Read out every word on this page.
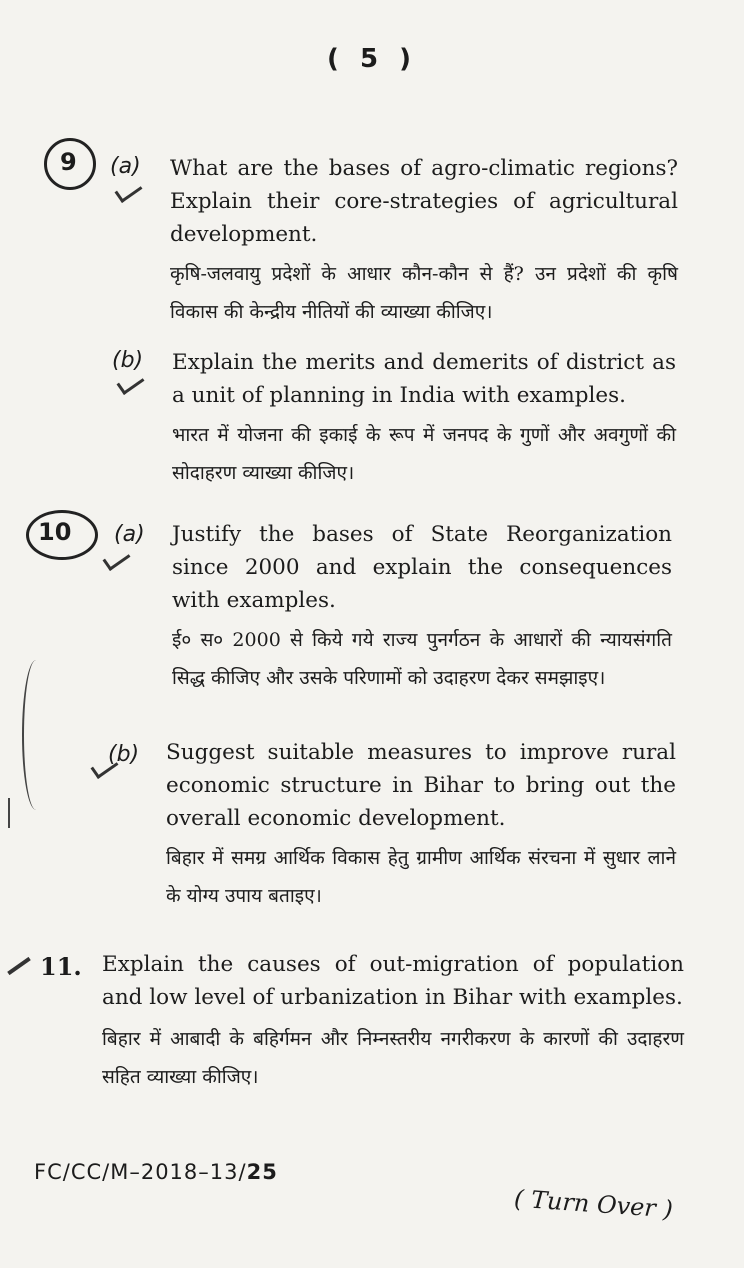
( 5 )
9 (a) What are the bases of agro-climatic regions? Explain their core-strategies of agricultural development.

कृषि-जलवायु प्रदेशों के आधार कौन-कौन से हैं? उन प्रदेशों की कृषि विकास की केन्द्रीय नीतियों की व्याख्या कीजिए।

(b) Explain the merits and demerits of district as a unit of planning in India with examples.

भारत में योजना की इकाई के रूप में जनपद के गुणों और अवगुणों की सोदाहरण व्याख्या कीजिए।

10 (a) Justify the bases of State Reorganization since 2000 and explain the consequences with examples.

ई० स० 2000 से किये गये राज्य पुनर्गठन के आधारों की न्यायसंगति सिद्ध कीजिए और उसके परिणामों को उदाहरण देकर समझाइए।

(b) Suggest suitable measures to improve rural economic structure in Bihar to bring out the overall economic development.

बिहार में समग्र आर्थिक विकास हेतु ग्रामीण आर्थिक संरचना में सुधार लाने के योग्य उपाय बताइए।

11. Explain the causes of out-migration of population and low level of urbanization in Bihar with examples.

बिहार में आबादी के बहिर्गमन और निम्नस्तरीय नगरीकरण के कारणों की उदाहरण सहित व्याख्या कीजिए।

FC/CC/M–2018–13/25
( Turn Over )
